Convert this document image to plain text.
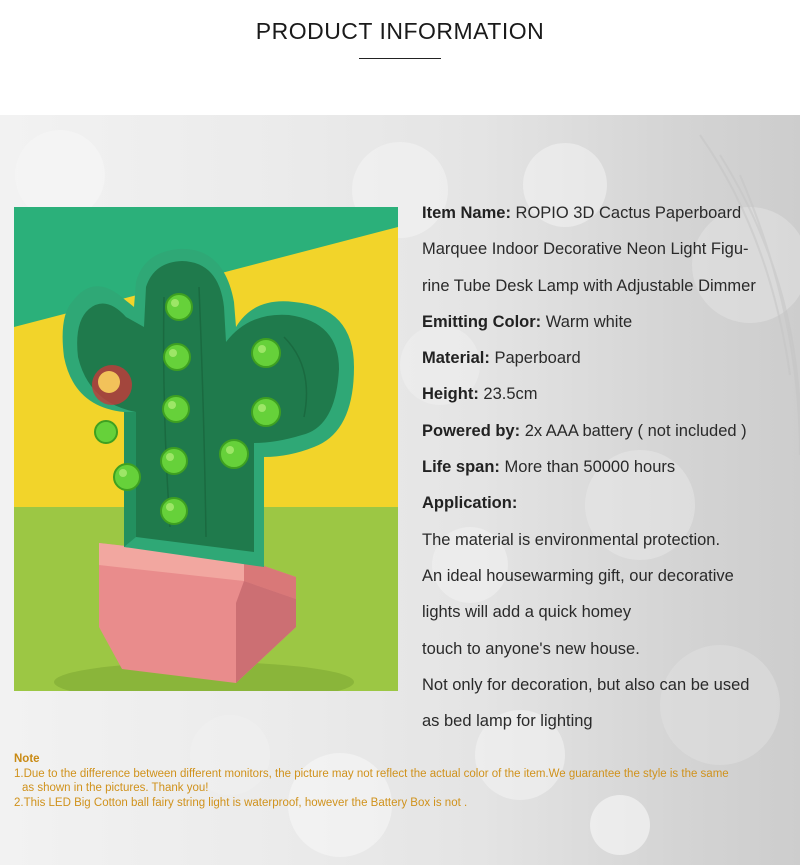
PRODUCT INFORMATION
Item Name: ROPIO 3D Cactus Paperboard
Marquee Indoor Decorative Neon Light Figu-
rine Tube Desk Lamp with Adjustable Dimmer
Emitting Color: Warm white
Material: Paperboard
Height: 23.5cm
Powered by: 2x AAA battery ( not included )
Life span: More than 50000 hours
Application:
The material is environmental protection.
An ideal housewarming gift, our decorative
lights will add a quick homey
touch to anyone's new house.
Not only for decoration, but also can be used
as bed lamp for lighting
Note
1.Due to the difference between different monitors, the picture may not reflect the actual color of the item.We guarantee the style is the same
as shown in the pictures. Thank you!
2.This LED Big Cotton ball fairy string light is waterproof, however the Battery Box is not .
